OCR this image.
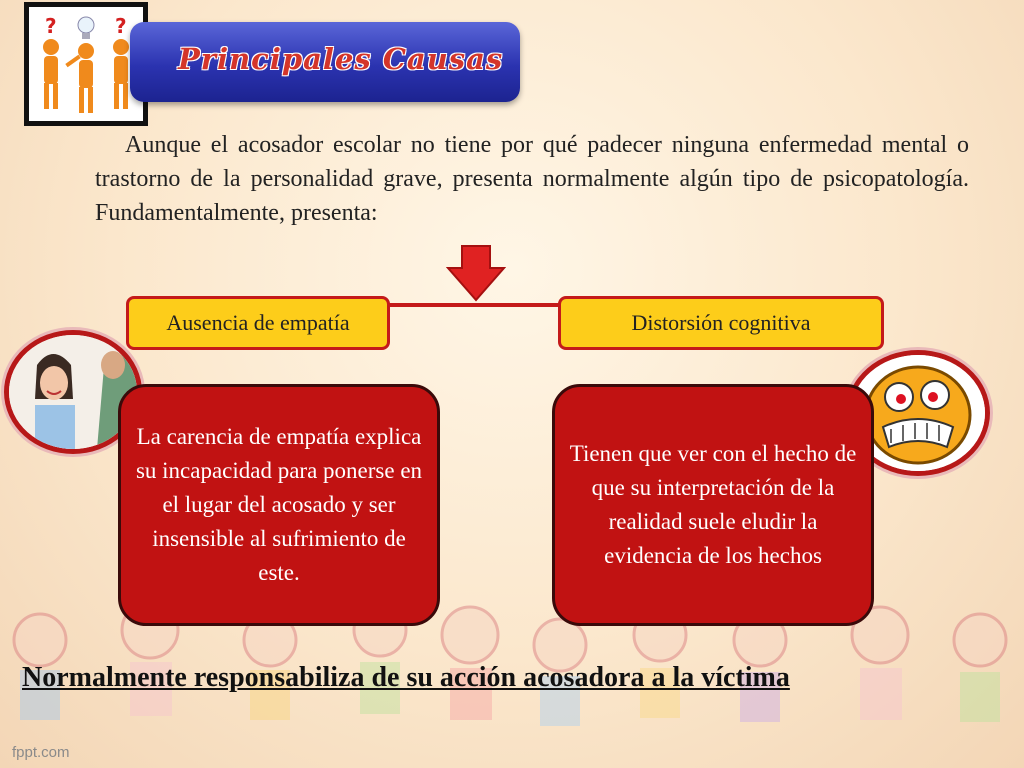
?	?
Principales Causas

Aunque el acosador escolar no tiene por qué padecer ninguna enfermedad mental o trastorno de la personalidad grave, presenta normalmente algún tipo de psicopatología. Fundamentalmente, presenta:

Ausencia de empatía	Distorsión cognitiva
La carencia de empatía explica su incapacidad para ponerse en el lugar del acosado y ser insensible al sufrimiento de este.
Tienen que ver con el hecho de que su interpretación de la realidad suele eludir la evidencia de los hechos
Normalmente responsabiliza de su acción acosadora a la víctima
fppt.com
